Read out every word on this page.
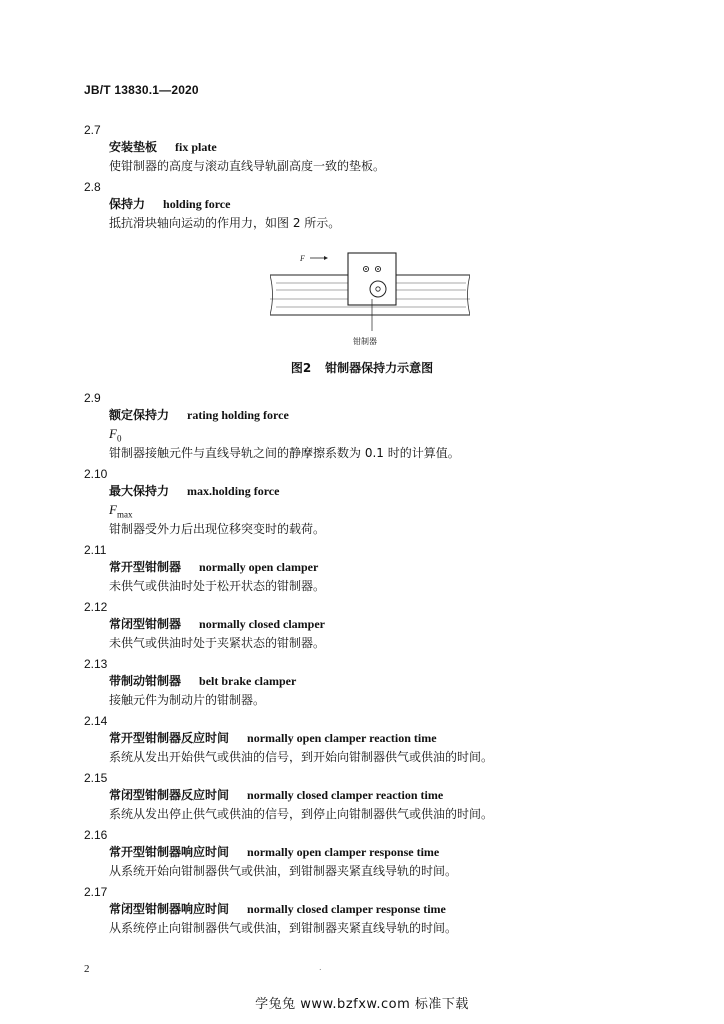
JB/T 13830.1—2020
2.7
安装垫板 fix plate
使钳制器的高度与滚动直线导轨副高度一致的垫板。
2.8
保持力 holding force
抵抗滑块轴向运动的作用力，如图 2 所示。
2.9
额定保持力 rating holding force
$F_0$
钳制器接触元件与直线导轨之间的静摩擦系数为 0.1 时的计算值。
2.10
最大保持力 max.holding force
$F_{max}$
钳制器受外力后出现位移突变时的载荷。
2.11
常开型钳制器 normally open clamper
未供气或供油时处于松开状态的钳制器。
2.12
常闭型钳制器 normally closed clamper
未供气或供油时处于夹紧状态的钳制器。
2.13
带制动钳制器 belt brake clamper
接触元件为制动片的钳制器。
2.14
常开型钳制器反应时间 normally open clamper reaction time
系统从发出开始供气或供油的信号，到开始向钳制器供气或供油的时间。
2.15
常闭型钳制器反应时间 normally closed clamper reaction time
系统从发出停止供气或供油的信号，到停止向钳制器供气或供油的时间。
2.16
常开型钳制器响应时间 normally open clamper response time
从系统开始向钳制器供气或供油，到钳制器夹紧直线导轨的时间。
2.17
常闭型钳制器响应时间 normally closed clamper response time
从系统停止向钳制器供气或供油，到钳制器夹紧直线导轨的时间。
F
钳制器
图2 钳制器保持力示意图
2	.
学兔兔 www.bzfxw.com 标准下载
